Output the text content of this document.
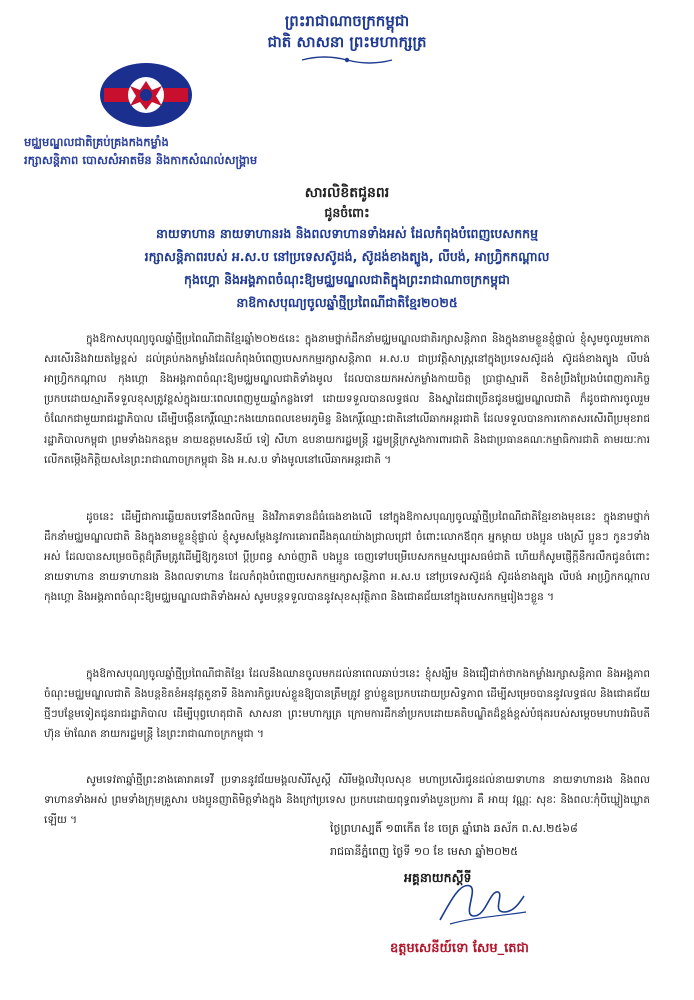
ព្រះរាជាណាចក្រកម្ពុជា
ជាតិ សាសនា ព្រះមហាក្សត្រ
មជ្ឈមណ្ឌលជាតិគ្រប់គ្រងកងកម្លាំង
រក្សាសន្តិភាព បោសសំអាតមីន និងកាកសំណល់សង្គ្រាម
សារលិខិតជូនពរ
ជូនចំពោះ
នាយទាហាន នាយទាហានរង និងពលទាហានទាំងអស់ ដែលកំពុងបំពេញបេសកកម្ម
រក្សាសន្តិភាពរបស់ អ.ស.ប នៅប្រទេសស៊ូដង់, ស៊ូដង់ខាងត្បូង, លីបង់, អាហ្វ្រិកកណ្ដាល
កុងហ្គោ និងអង្គភាពចំណុះឱ្យមជ្ឈមណ្ឌលជាតិក្នុងព្រះរាជាណាចក្រកម្ពុជា
នាឱកាសបុណ្យចូលឆ្នាំថ្មីប្រពៃណីជាតិខ្មែរ២០២៥

ក្នុងឱកាសបុណ្យចូលឆ្នាំថ្មីប្រពៃណីជាតិខ្មែរឆ្នាំ២០២៥នេះ ក្នុងនាមថ្នាក់ដឹកនាំមជ្ឈមណ្ឌលជាតិរក្សាសន្តិភាព និងក្នុងនាមខ្លួនខ្ញុំផ្ទាល់ ខ្ញុំសូមចូលរួមកោតសរសើរនិងវាយតម្លៃខ្ពស់ ដល់គ្រប់កងកម្លាំងដែលកំពុងបំពេញបេសកកម្មរក្សាសន្តិភាព អ.ស.ប ជាប្រវត្តិសាស្ត្រនៅក្នុងប្រទេសស៊ូដង់ ស៊ូដង់ខាងត្បូង លីបង់ អាហ្វ្រិកកណ្ដាល កុងហ្គោ និងអង្គភាពចំណុះឱ្យមជ្ឈមណ្ឌលជាតិទាំងមូល ដែលបានយកអស់កម្លាំងកាយចិត្ត ប្រាជ្ញាស្មារតី ខិតខំប្រឹងប្រែងបំពេញភារកិច្ចប្រកបដោយស្មារតីទទួលខុសត្រូវខ្ពស់ក្នុងរយៈពេលពេញមួយឆ្នាំកន្លងទៅ ដោយទទួលបានលទ្ធផល និងស្នាដៃជាច្រើនជូនមជ្ឈមណ្ឌលជាតិ ក៏ដូចជាការចូលរួមចំណែកជាមួយរាជរដ្ឋាភិបាល ដើម្បីបង្កើនកេរ្តិ៍ឈ្មោះកងយោធពលខេមរភូមិន្ទ និងកេរ្តិ៍ឈ្មោះជាតិនៅលើឆាកអន្តរជាតិ ដែលទទួលបានការកោតសរសើរពីប្រមុខរាជរដ្ឋាភិបាលកម្ពុជា ព្រមទាំងឯកឧត្ដម នាយឧត្ដមសេនីយ៍ ទៀ សីហា ឧបនាយករដ្ឋមន្ត្រី រដ្ឋមន្ត្រីក្រសួងការពារជាតិ និងជាប្រធានគណៈកម្មាធិការជាតិ តាមរយៈការលើកតម្កើងកិត្តិយសនៃព្រះរាជាណាចក្រកម្ពុជា និង អ.ស.ប ទាំងមូលនៅលើឆាកអន្តរជាតិ ។

ដូចនេះ ដើម្បីជាការឆ្លើយតបទៅនឹងពលិកម្ម និងវិភាគទានដ៏ធំធេងខាងលើ នៅក្នុងឱកាសបុណ្យចូលឆ្នាំថ្មីប្រពៃណីជាតិខ្មែរខាងមុខនេះ ក្នុងនាមថ្នាក់ដឹកនាំមជ្ឈមណ្ឌលជាតិ និងក្នុងនាមខ្លួនខ្ញុំផ្ទាល់ ខ្ញុំសូមសម្ដែងនូវការគោរពដឹងគុណយ៉ាងជ្រាលជ្រៅ ចំពោះលោកឪពុក អ្នកម្ដាយ បងប្អូន បងស្រី ប្អូនៗ កូនៗទាំងអស់ ដែលបានសម្រេចចិត្តដ៏ត្រឹមត្រូវដើម្បីឱ្យកូនចៅ ប្ដីប្រពន្ធ សាច់ញាតិ បងប្អូន ចេញទៅបម្រើបេសកកម្មសប្បុរសធម៌ជាតិ ហើយក៏សូមផ្ញើក្ដីនឹករលឹកជូនចំពោះ នាយទាហាន នាយទាហានរង និងពលទាហាន ដែលកំពុងបំពេញបេសកកម្មរក្សាសន្តិភាព អ.ស.ប នៅប្រទេសស៊ូដង់ ស៊ូដង់ខាងត្បូង លីបង់ អាហ្វ្រិកកណ្ដាល កុងហ្គោ និងអង្គភាពចំណុះឱ្យមជ្ឈមណ្ឌលជាតិទាំងអស់ សូមបន្តទទួលបាននូវសុខសុវត្ថិភាព និងជោគជ័យនៅក្នុងបេសកកម្មរៀងៗខ្លួន ។

ក្នុងឱកាសបុណ្យចូលឆ្នាំថ្មីប្រពៃណីជាតិខ្មែរ ដែលនឹងឈានចូលមកដល់នាពេលឆាប់ៗនេះ ខ្ញុំសង្ឃឹម និងជឿជាក់ថាកងកម្លាំងរក្សាសន្តិភាព និងអង្គភាពចំណុះមជ្ឈមណ្ឌលជាតិ និងបន្តខិតខំអនុវត្តតួនាទី និងភារកិច្ចរបស់ខ្លួនឱ្យបានត្រឹមត្រូវ ខ្ជាប់ខ្ជួនប្រកបដោយប្រសិទ្ធភាព ដើម្បីសម្រេចបាននូវលទ្ធផល និងជោគជ័យថ្មីៗបន្ថែមទៀតជូនរាជរដ្ឋាភិបាល ដើម្បីបុព្វហេតុជាតិ សាសនា ព្រះមហាក្សត្រ ក្រោមការដឹកនាំប្រកបដោយគតិបណ្ឌិតដ៏ខ្ពង់ខ្ពស់បំផុតរបស់សម្ដេចមហាបវរធិបតី ហ៊ុន ម៉ាណែត នាយករដ្ឋមន្ត្រី នៃព្រះរាជាណាចក្រកម្ពុជា ។

សូមទេវតាឆ្នាំថ្មីព្រះនាងគោរាគទេវី ប្រទាននូវជ័យមង្គលសិរីសួស្ដី សិរីមង្គលវិបុលសុខ មហាប្រសើរជូនដល់នាយទាហាន នាយទាហានរង និងពលទាហានទាំងអស់ ព្រមទាំងក្រុមគ្រួសារ បងប្អូនញាតិមិត្តទាំងក្នុង និងក្រៅប្រទេស ប្រកបដោយពុទ្ធពរទាំងបួនប្រការ គឺ អាយុ វណ្ណៈ សុខៈ និងពលៈកុំបីឃ្លៀងឃ្លាតឡើយ ។

ថ្ងៃព្រហស្បតិ៍ ១៣កើត ខែ ចេត្រ ឆ្នាំរោង ឆស័ក ព.ស.២៥៦៨
រាជធានីភ្នំពេញ ថ្ងៃទី ១០ ខែ មេសា ឆ្នាំ២០២៥
អគ្គនាយកស្ដីទី
ឧត្តមសេនីយ៍ទោ សែម_តេជា
